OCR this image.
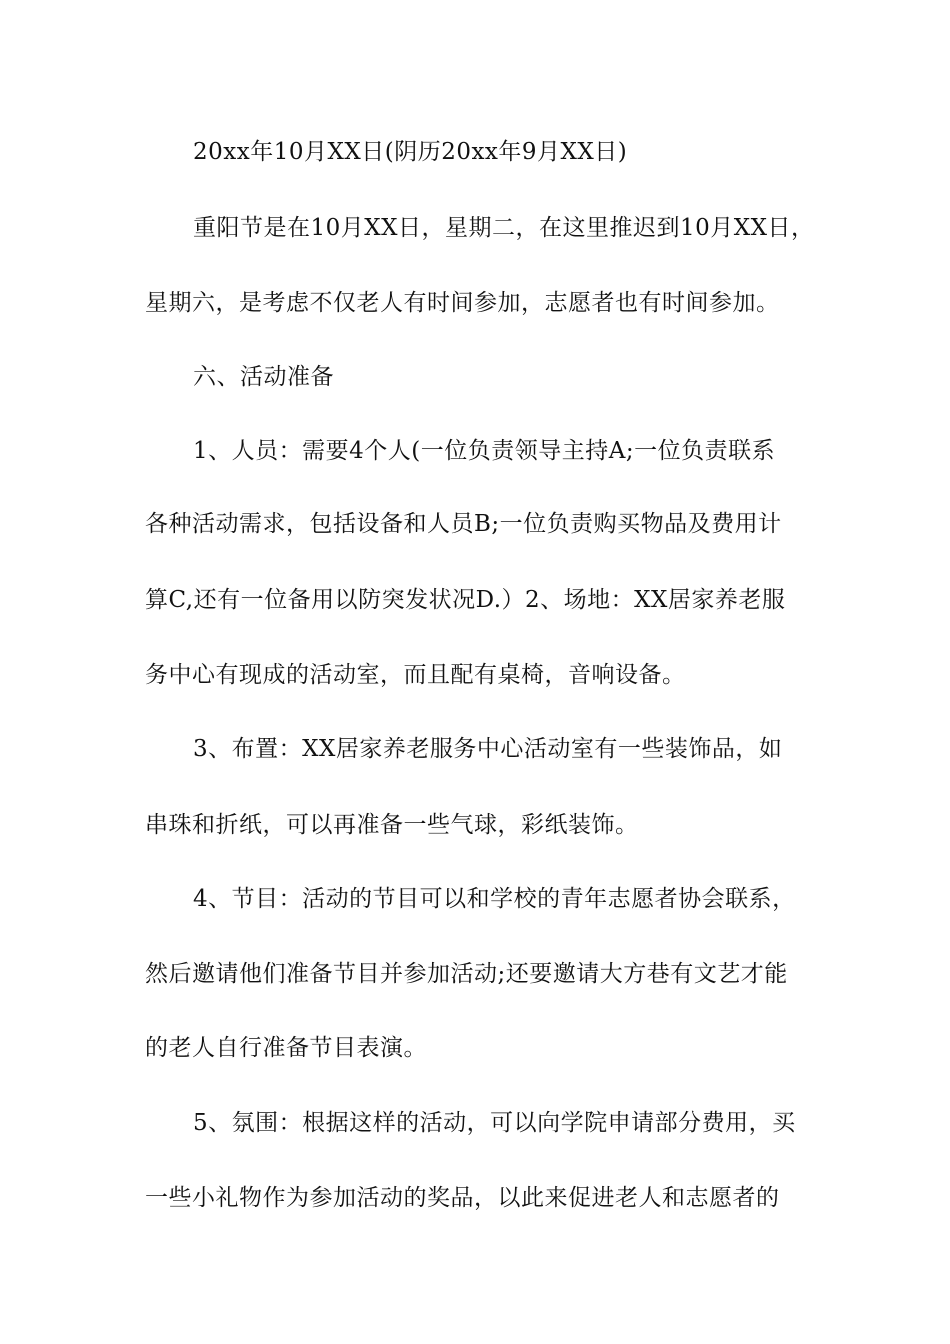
20xx年10月XX日(阴历20xx年9月XX日)
重阳节是在10月XX日，星期二，在这里推迟到10月XX日，
星期六，是考虑不仅老人有时间参加，志愿者也有时间参加。
六、活动准备
1、人员：需要4个人(一位负责领导主持A;一位负责联系
各种活动需求，包括设备和人员B;一位负责购买物品及费用计
算C,还有一位备用以防突发状况D.）2、场地：XX居家养老服
务中心有现成的活动室，而且配有桌椅，音响设备。
3、布置：XX居家养老服务中心活动室有一些装饰品，如
串珠和折纸，可以再准备一些气球，彩纸装饰。
4、节目：活动的节目可以和学校的青年志愿者协会联系，
然后邀请他们准备节目并参加活动;还要邀请大方巷有文艺才能
的老人自行准备节目表演。
5、氛围：根据这样的活动，可以向学院申请部分费用，买
一些小礼物作为参加活动的奖品，以此来促进老人和志愿者的
